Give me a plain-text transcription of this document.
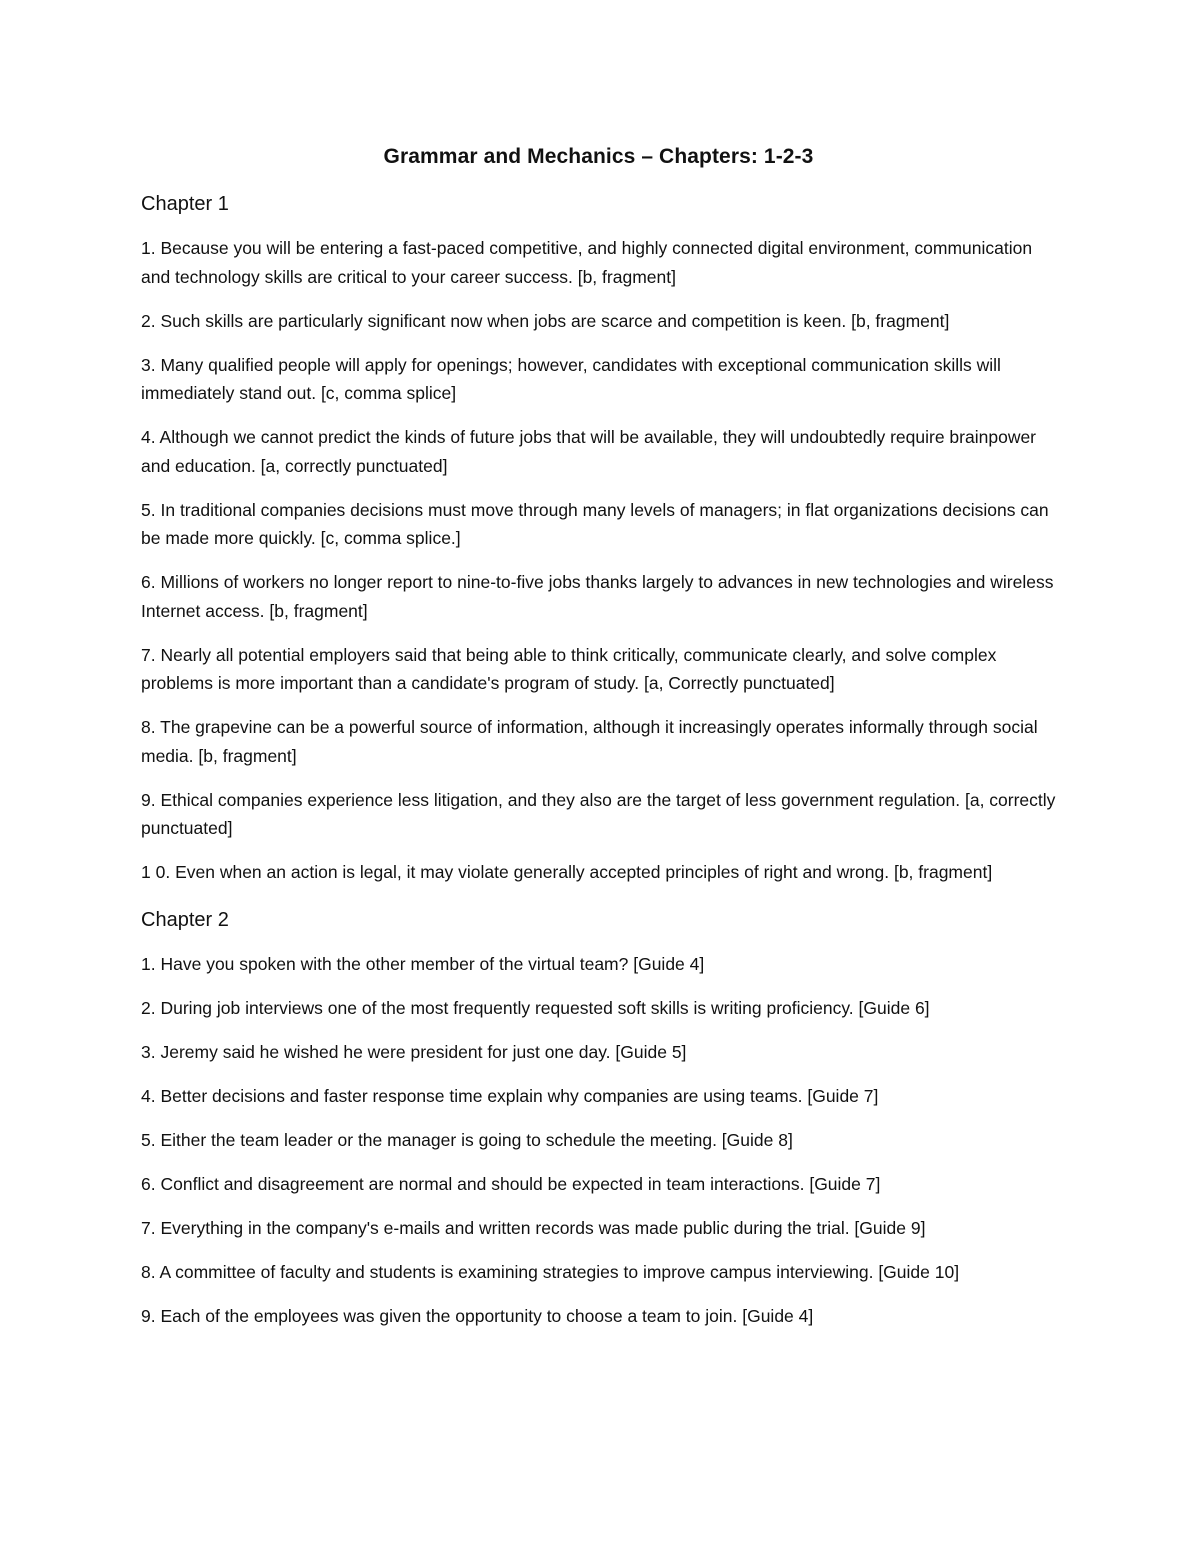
Grammar and Mechanics – Chapters: 1-2-3
Chapter 1

1. Because you will be entering a fast-paced competitive, and highly connected digital environment, communication and technology skills are critical to your career success. [b, fragment]

2. Such skills are particularly significant now when jobs are scarce and competition is keen. [b, fragment]

3. Many qualified people will apply for openings; however, candidates with exceptional communication skills will immediately stand out. [c, comma splice]

4. Although we cannot predict the kinds of future jobs that will be available, they will undoubtedly require brainpower and education. [a, correctly punctuated]

5. In traditional companies decisions must move through many levels of managers; in flat organizations decisions can be made more quickly. [c, comma splice.]

6. Millions of workers no longer report to nine-to-five jobs thanks largely to advances in new technologies and wireless Internet access. [b, fragment]

7. Nearly all potential employers said that being able to think critically, communicate clearly, and solve complex problems is more important than a candidate's program of study. [a, Correctly punctuated]

8. The grapevine can be a powerful source of information, although it increasingly operates informally through social media. [b, fragment]

9. Ethical companies experience less litigation, and they also are the target of less government regulation. [a, correctly punctuated]

1 0. Even when an action is legal, it may violate generally accepted principles of right and wrong. [b, fragment]

Chapter 2

1. Have you spoken with the other member of the virtual team? [Guide 4]

2. During job interviews one of the most frequently requested soft skills is writing proficiency. [Guide 6]

3. Jeremy said he wished he were president for just one day. [Guide 5]

4. Better decisions and faster response time explain why companies are using teams. [Guide 7]

5. Either the team leader or the manager is going to schedule the meeting. [Guide 8]

6. Conflict and disagreement are normal and should be expected in team interactions. [Guide 7]

7. Everything in the company's e-mails and written records was made public during the trial. [Guide 9]

8. A committee of faculty and students is examining strategies to improve campus interviewing. [Guide 10]

9. Each of the employees was given the opportunity to choose a team to join. [Guide 4]
